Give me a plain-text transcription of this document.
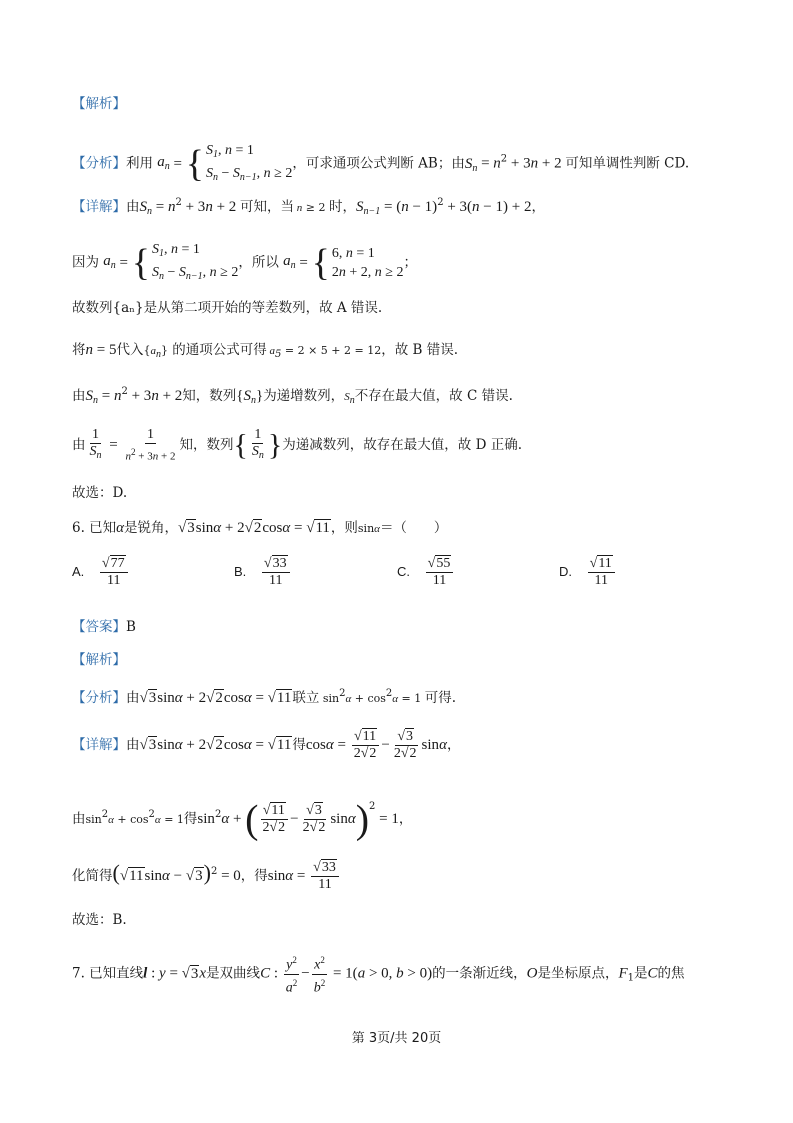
【解析】
【分析】利用 $a_n$ = { $S_1$, n = 1
$S_n - S_{n-1}$, n ≥ 2
，可求通项公式判断 AB；由$S_n = n^2 + 3n + 2$ 可知单调性判断 CD.
【详解】由$S_n = n^2 + 3n + 2$ 可知，当 n ≥ 2 时，$S_{n-1} = (n - 1)^2 + 3(n - 1) + 2$，
因为 $a_n$ = { $S_1$, n = 1
$S_n - S_{n-1}$, n ≥ 2
，所以 $a_n$ = { 6, n = 1
2n + 2, n ≥ 2
；
故数列{aₙ}是从第二项开始的等差数列，故 A 错误.
将n = 5代入{an} 的通项公式可得 $a_5 = 2 \times 5 + 2 = 12$，故 B 错误.
由$S_n = n^2 + 3n + 2$知，数列$\{S_n\}$为递增数列，Sn不存在最大值，故 C 错误.
由 $\frac{1}{S_n} = \frac{1}{n^2 + 3n + 2}$ 知，数列{ $\frac{1}{S_n}$ }为递减数列，故存在最大值，故 D 正确.
故选：D.
6. 已知α是锐角，√3sinα + 2√2cosα = √11，则sinα＝（　　）
A. $\frac{√77}{11}$	B. $\frac{√33}{11}$	C. $\frac{√55}{11}$	D. $\frac{√11}{11}$
【答案】B
【解析】
【分析】由√3sinα + 2√2cosα = √11联立 $\sin^2\alpha + \cos^2\alpha = 1$ 可得.
【详解】由√3sinα + 2√2cosα = √11得$\cos\alpha = \frac{√11}{2√2} - \frac{√3}{2√2}$ sinα，
由$\sin^2\alpha + \cos^2\alpha = 1$得$\sin^2\alpha$ + ( $\frac{√11}{2√2} - \frac{√3}{2√2} \sin\alpha)^2 = 1$，
化简得$(√11\sin\alpha - √3)^2 = 0$，得$\sin\alpha = \frac{√33}{11}$
故选：B.
7. 已知直线l : y = √3x是双曲线C : $\frac{y^2}{a^2} - \frac{x^2}{b^2} = 1(a > 0$, b > 0)的一条渐近线，O是坐标原点，$F_1$是C的焦
第 3页/共 20页
